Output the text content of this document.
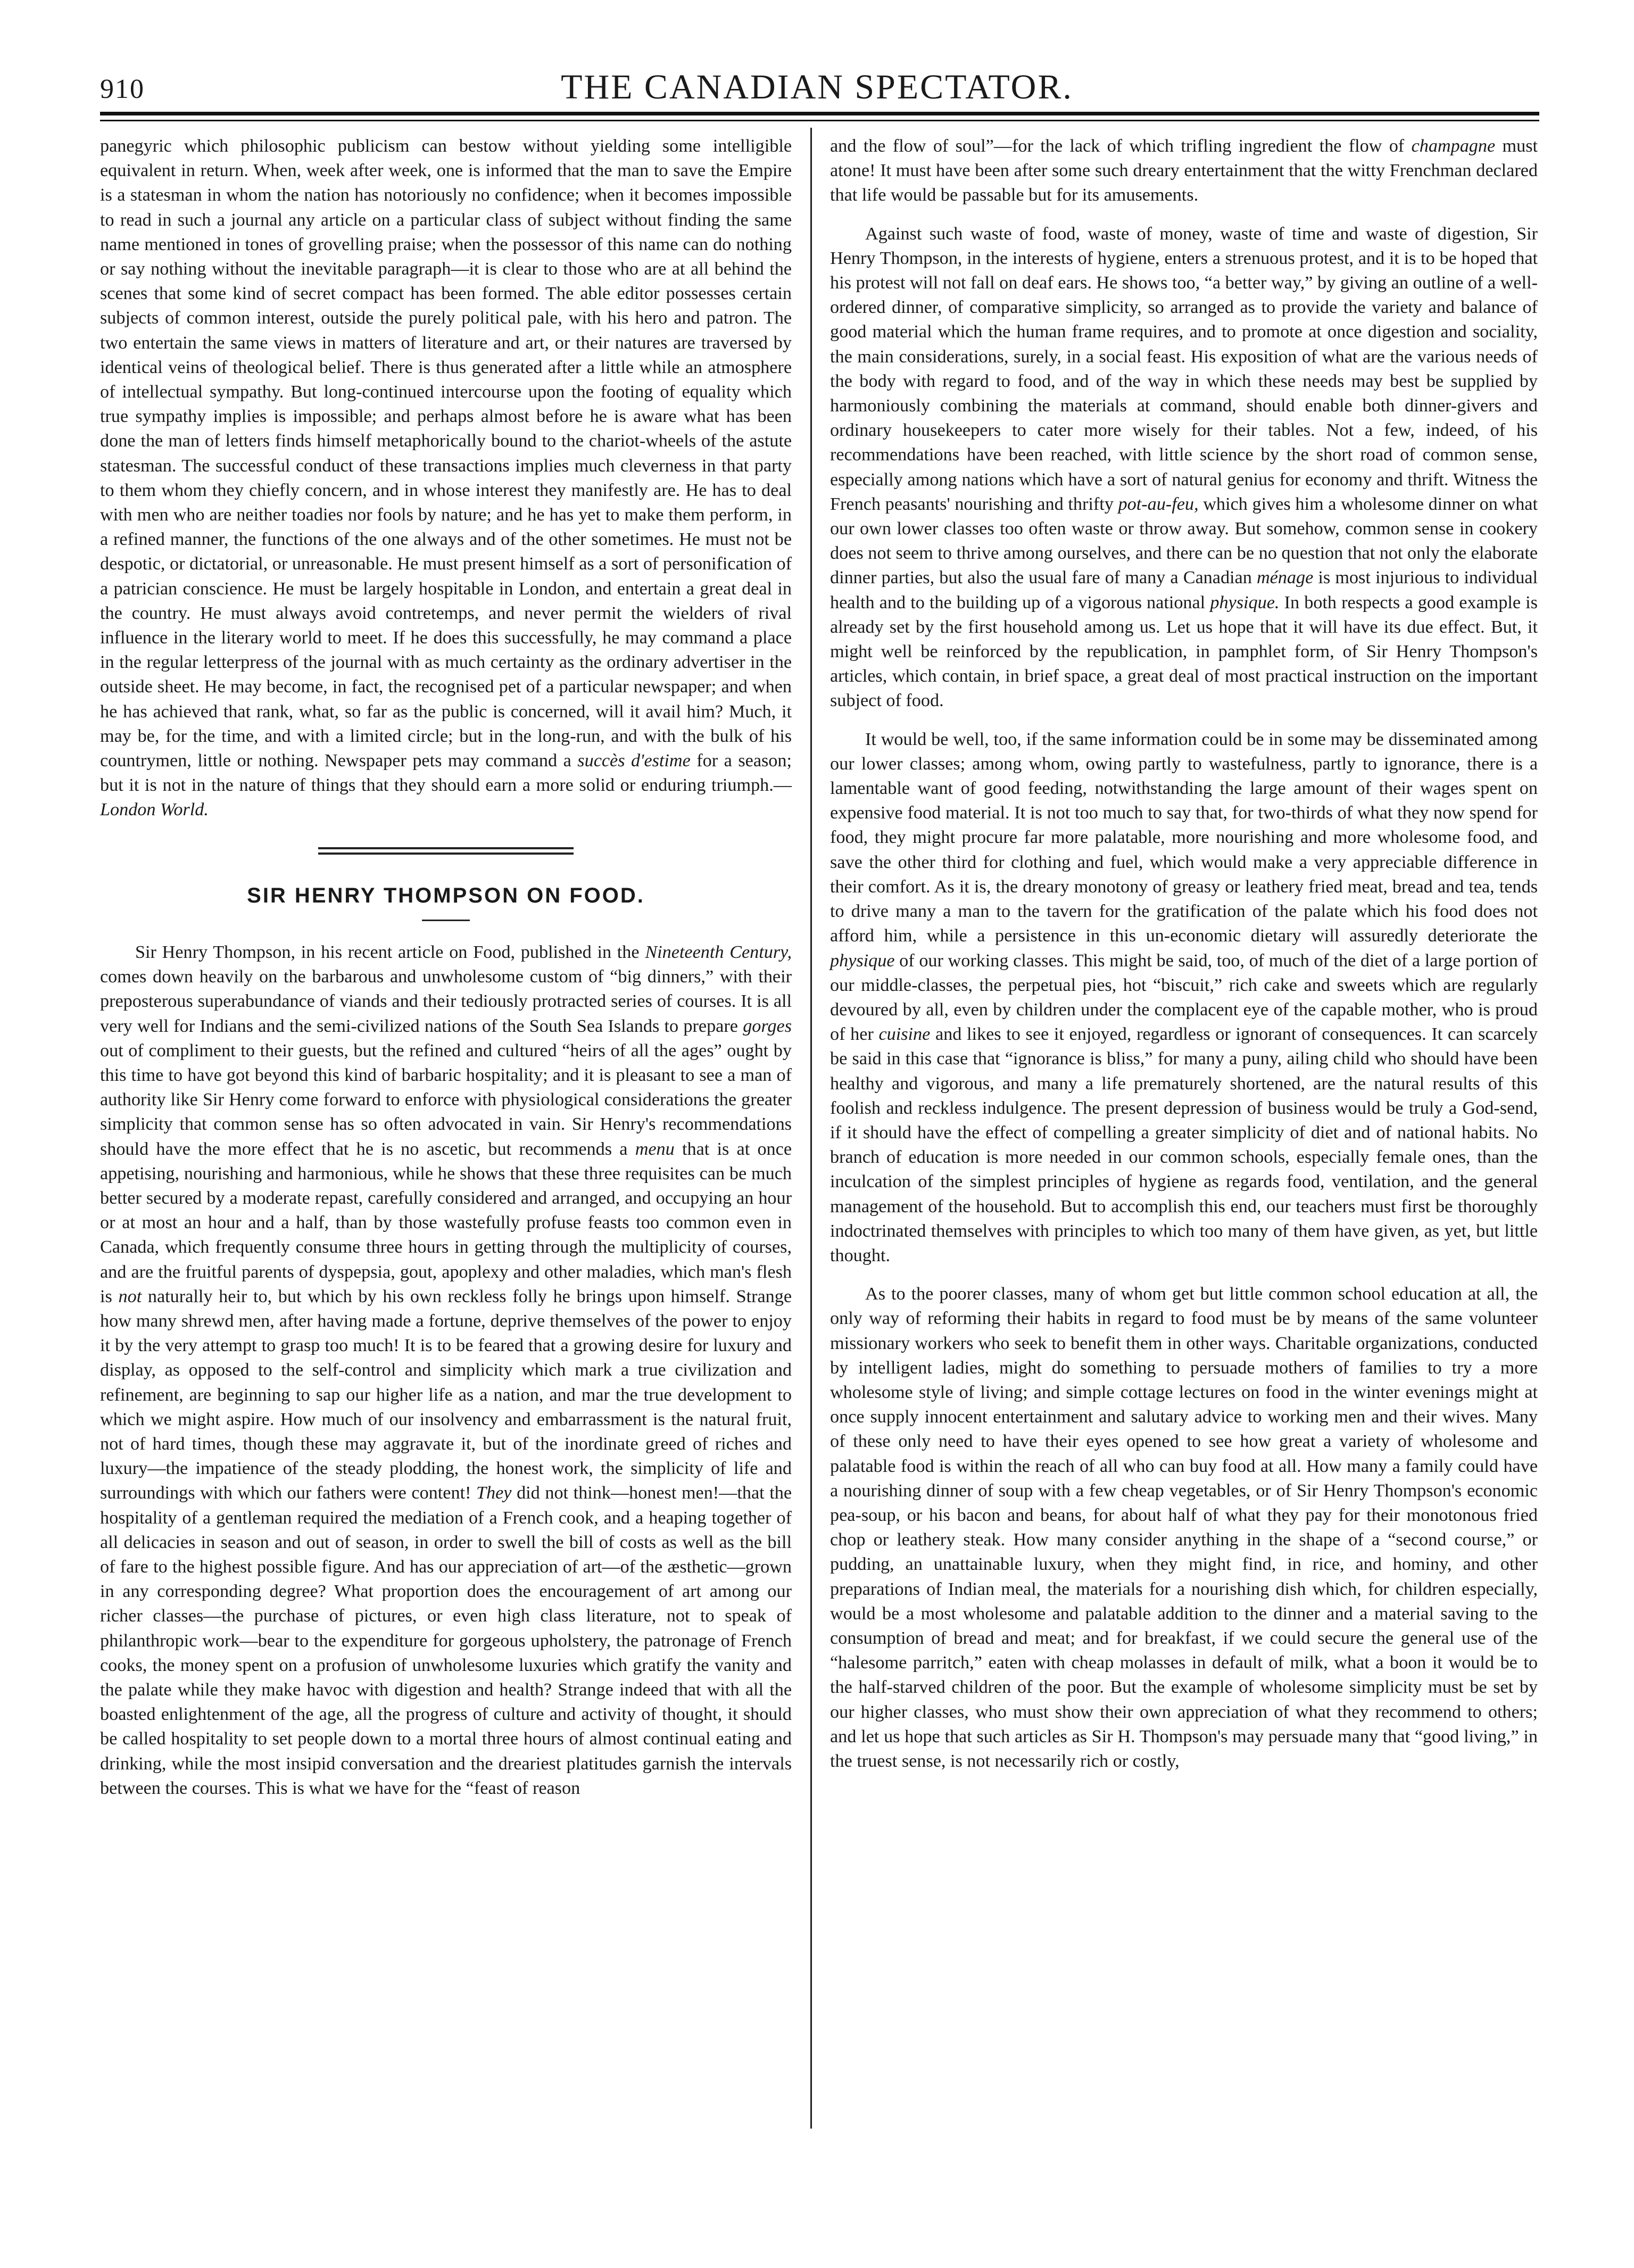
910	THE CANADIAN SPECTATOR.

panegyric which philosophic publicism can bestow without yielding some intelligible equivalent in return. When, week after week, one is informed that the man to save the Empire is a statesman in whom the nation has notoriously no confidence; when it becomes impossible to read in such a journal any article on a particular class of subject without finding the same name mentioned in tones of grovelling praise; when the possessor of this name can do nothing or say nothing without the inevitable paragraph—it is clear to those who are at all behind the scenes that some kind of secret compact has been formed. The able editor possesses certain subjects of common interest, outside the purely political pale, with his hero and patron. The two entertain the same views in matters of literature and art, or their natures are traversed by identical veins of theological belief. There is thus generated after a little while an atmosphere of intellectual sympathy. But long-continued intercourse upon the footing of equality which true sympathy implies is impossible; and perhaps almost before he is aware what has been done the man of letters finds himself metaphorically bound to the chariot-wheels of the astute statesman. The successful conduct of these transactions implies much cleverness in that party to them whom they chiefly concern, and in whose interest they manifestly are. He has to deal with men who are neither toadies nor fools by nature; and he has yet to make them perform, in a refined manner, the functions of the one always and of the other sometimes. He must not be despotic, or dictatorial, or unreasonable. He must present himself as a sort of personification of a patrician conscience. He must be largely hospitable in London, and entertain a great deal in the country. He must always avoid contretemps, and never permit the wielders of rival influence in the literary world to meet. If he does this successfully, he may command a place in the regular letterpress of the journal with as much certainty as the ordinary advertiser in the outside sheet. He may become, in fact, the recognised pet of a particular newspaper; and when he has achieved that rank, what, so far as the public is concerned, will it avail him? Much, it may be, for the time, and with a limited circle; but in the long-run, and with the bulk of his countrymen, little or nothing. Newspaper pets may command a succès d'estime for a season; but it is not in the nature of things that they should earn a more solid or enduring triumph.—London World.

SIR HENRY THOMPSON ON FOOD.

Sir Henry Thompson, in his recent article on Food, published in the Nineteenth Century, comes down heavily on the barbarous and unwholesome custom of “big dinners,” with their preposterous superabundance of viands and their tediously protracted series of courses. It is all very well for Indians and the semi-civilized nations of the South Sea Islands to prepare gorges out of compliment to their guests, but the refined and cultured “heirs of all the ages” ought by this time to have got beyond this kind of barbaric hospitality; and it is pleasant to see a man of authority like Sir Henry come forward to enforce with physiological considerations the greater simplicity that common sense has so often advocated in vain. Sir Henry's recommendations should have the more effect that he is no ascetic, but recommends a menu that is at once appetising, nourishing and harmonious, while he shows that these three requisites can be much better secured by a moderate repast, carefully considered and arranged, and occupying an hour or at most an hour and a half, than by those wastefully profuse feasts too common even in Canada, which frequently consume three hours in getting through the multiplicity of courses, and are the fruitful parents of dyspepsia, gout, apoplexy and other maladies, which man's flesh is not naturally heir to, but which by his own reckless folly he brings upon himself. Strange how many shrewd men, after having made a fortune, deprive themselves of the power to enjoy it by the very attempt to grasp too much! It is to be feared that a growing desire for luxury and display, as opposed to the self-control and simplicity which mark a true civilization and refinement, are beginning to sap our higher life as a nation, and mar the true development to which we might aspire. How much of our insolvency and embarrassment is the natural fruit, not of hard times, though these may aggravate it, but of the inordinate greed of riches and luxury—the impatience of the steady plodding, the honest work, the simplicity of life and surroundings with which our fathers were content! They did not think—honest men!—that the hospitality of a gentleman required the mediation of a French cook, and a heaping together of all delicacies in season and out of season, in order to swell the bill of costs as well as the bill of fare to the highest possible figure. And has our appreciation of art—of the æsthetic—grown in any corresponding degree? What proportion does the encouragement of art among our richer classes—the purchase of pictures, or even high class literature, not to speak of philanthropic work—bear to the expenditure for gorgeous upholstery, the patronage of French cooks, the money spent on a profusion of unwholesome luxuries which gratify the vanity and the palate while they make havoc with digestion and health? Strange indeed that with all the boasted enlightenment of the age, all the progress of culture and activity of thought, it should be called hospitality to set people down to a mortal three hours of almost continual eating and drinking, while the most insipid conversation and the dreariest platitudes garnish the intervals between the courses. This is what we have for the “feast of reason

and the flow of soul”—for the lack of which trifling ingredient the flow of champagne must atone! It must have been after some such dreary entertainment that the witty Frenchman declared that life would be passable but for its amusements.

Against such waste of food, waste of money, waste of time and waste of digestion, Sir Henry Thompson, in the interests of hygiene, enters a strenuous protest, and it is to be hoped that his protest will not fall on deaf ears. He shows too, “a better way,” by giving an outline of a well-ordered dinner, of comparative simplicity, so arranged as to provide the variety and balance of good material which the human frame requires, and to promote at once digestion and sociality, the main considerations, surely, in a social feast. His exposition of what are the various needs of the body with regard to food, and of the way in which these needs may best be supplied by harmoniously combining the materials at command, should enable both dinner-givers and ordinary housekeepers to cater more wisely for their tables. Not a few, indeed, of his recommendations have been reached, with little science by the short road of common sense, especially among nations which have a sort of natural genius for economy and thrift. Witness the French peasants' nourishing and thrifty pot-au-feu, which gives him a wholesome dinner on what our own lower classes too often waste or throw away. But somehow, common sense in cookery does not seem to thrive among ourselves, and there can be no question that not only the elaborate dinner parties, but also the usual fare of many a Canadian ménage is most injurious to individual health and to the building up of a vigorous national physique. In both respects a good example is already set by the first household among us. Let us hope that it will have its due effect. But, it might well be reinforced by the republication, in pamphlet form, of Sir Henry Thompson's articles, which contain, in brief space, a great deal of most practical instruction on the important subject of food.

It would be well, too, if the same information could be in some may be disseminated among our lower classes; among whom, owing partly to wastefulness, partly to ignorance, there is a lamentable want of good feeding, notwithstanding the large amount of their wages spent on expensive food material. It is not too much to say that, for two-thirds of what they now spend for food, they might procure far more palatable, more nourishing and more wholesome food, and save the other third for clothing and fuel, which would make a very appreciable difference in their comfort. As it is, the dreary monotony of greasy or leathery fried meat, bread and tea, tends to drive many a man to the tavern for the gratification of the palate which his food does not afford him, while a persistence in this un-economic dietary will assuredly deteriorate the physique of our working classes. This might be said, too, of much of the diet of a large portion of our middle-classes, the perpetual pies, hot “biscuit,” rich cake and sweets which are regularly devoured by all, even by children under the complacent eye of the capable mother, who is proud of her cuisine and likes to see it enjoyed, regardless or ignorant of consequences. It can scarcely be said in this case that “ignorance is bliss,” for many a puny, ailing child who should have been healthy and vigorous, and many a life prematurely shortened, are the natural results of this foolish and reckless indulgence. The present depression of business would be truly a God-send, if it should have the effect of compelling a greater simplicity of diet and of national habits. No branch of education is more needed in our common schools, especially female ones, than the inculcation of the simplest principles of hygiene as regards food, ventilation, and the general management of the household. But to accomplish this end, our teachers must first be thoroughly indoctrinated themselves with principles to which too many of them have given, as yet, but little thought.

As to the poorer classes, many of whom get but little common school education at all, the only way of reforming their habits in regard to food must be by means of the same volunteer missionary workers who seek to benefit them in other ways. Charitable organizations, conducted by intelligent ladies, might do something to persuade mothers of families to try a more wholesome style of living; and simple cottage lectures on food in the winter evenings might at once supply innocent entertainment and salutary advice to working men and their wives. Many of these only need to have their eyes opened to see how great a variety of wholesome and palatable food is within the reach of all who can buy food at all. How many a family could have a nourishing dinner of soup with a few cheap vegetables, or of Sir Henry Thompson's economic pea-soup, or his bacon and beans, for about half of what they pay for their monotonous fried chop or leathery steak. How many consider anything in the shape of a “second course,” or pudding, an unattainable luxury, when they might find, in rice, and hominy, and other preparations of Indian meal, the materials for a nourishing dish which, for children especially, would be a most wholesome and palatable addition to the dinner and a material saving to the consumption of bread and meat; and for breakfast, if we could secure the general use of the “halesome parritch,” eaten with cheap molasses in default of milk, what a boon it would be to the half-starved children of the poor. But the example of wholesome simplicity must be set by our higher classes, who must show their own appreciation of what they recommend to others; and let us hope that such articles as Sir H. Thompson's may persuade many that “good living,” in the truest sense, is not necessarily rich or costly,
